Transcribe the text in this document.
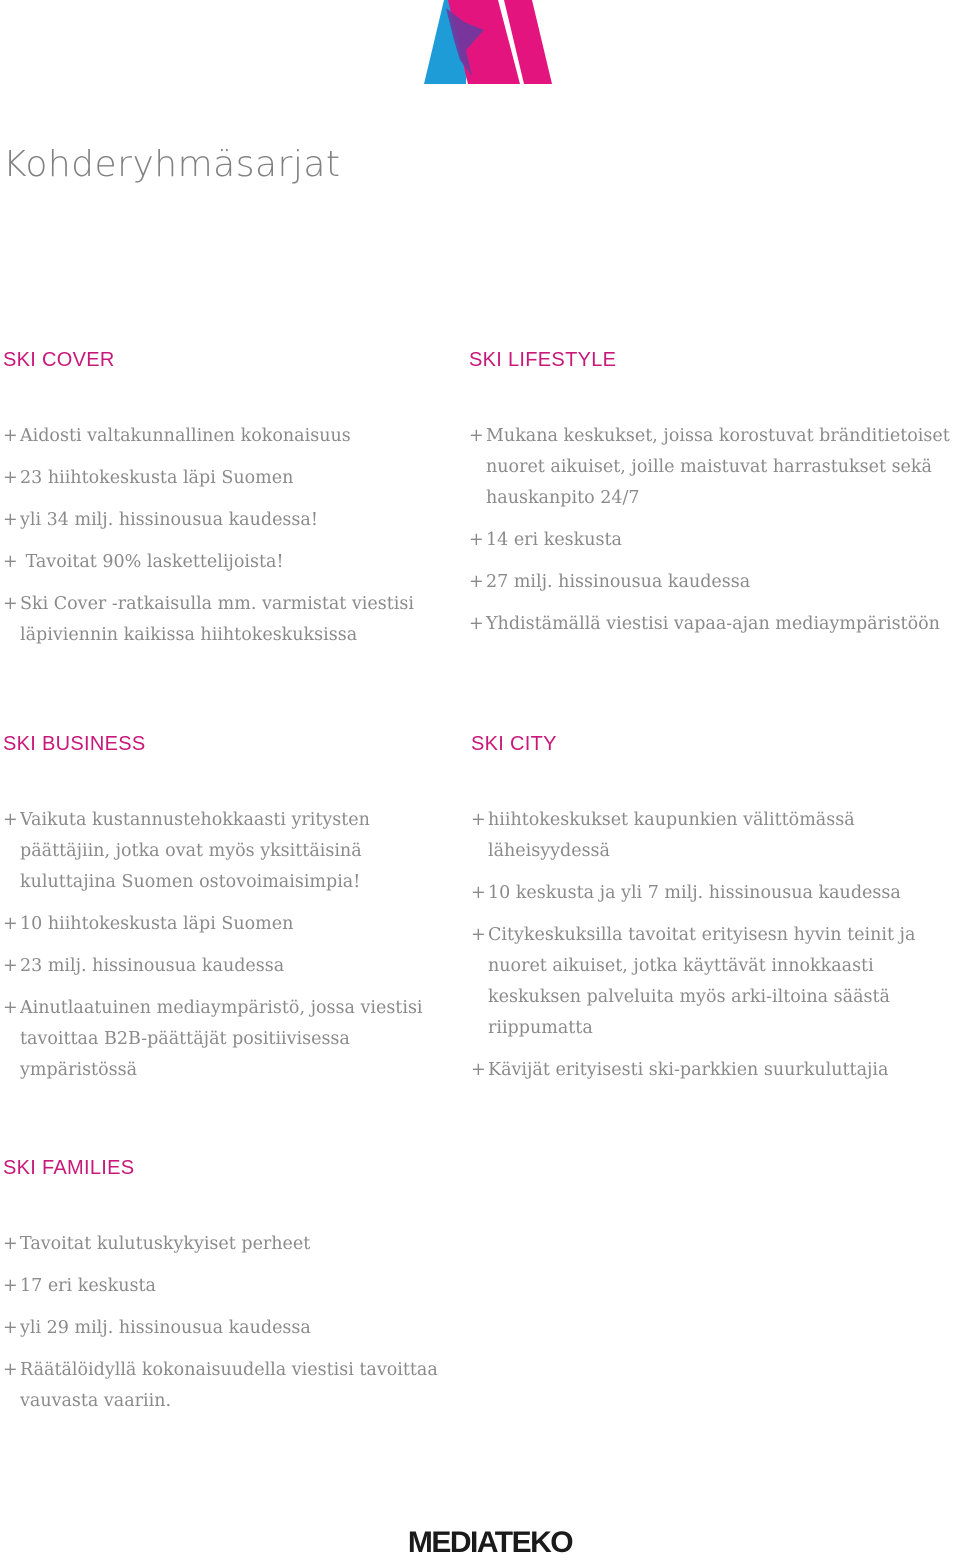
Kohderyhmäsarjat
SKI COVER
+ Aidosti valtakunnallinen kokonaisuus
+ 23 hiihtokeskusta läpi Suomen
+ yli 34 milj. hissinousua kaudessa!
+ Tavoitat 90% laskettelijoista!
+ Ski Cover -ratkaisulla mm. varmistat viestisi läpiviennin kaikissa hiihtokeskuksissa
SKI LIFESTYLE
+ Mukana keskukset, joissa korostuvat bränditietoiset nuoret aikuiset, joille maistuvat harrastukset sekä hauskanpito 24/7
+ 14 eri keskusta
+ 27 milj. hissinousua kaudessa
+ Yhdistämällä viestisi vapaa-ajan mediaympäristöön
SKI BUSINESS
+ Vaikuta kustannustehokkaasti yritysten päättäjiin, jotka ovat myös yksittäisinä kuluttajina Suomen ostovoimaisimpia!
+ 10 hiihtokeskusta läpi Suomen
+ 23 milj. hissinousua kaudessa
+ Ainutlaatuinen mediaympäristö, jossa viestisi tavoittaa B2B-päättäjät positiivisessa ympäristössä
SKI CITY
+ hiihtokeskukset kaupunkien välittömässä läheisyydessä
+ 10 keskusta ja yli 7 milj. hissinousua kaudessa
+ Citykeskuksilla tavoitat erityisesn hyvin teinit ja nuoret aikuiset, jotka käyttävät innokkaasti keskuksen palveluita myös arki-iltoina säästä riippumatta
+ Kävijät erityisesti ski-parkkien suurkuluttajia
SKI FAMILIES
+ Tavoitat kulutuskykyiset perheet
+ 17 eri keskusta
+ yli 29 milj. hissinousua kaudessa
+ Räätälöidyllä kokonaisuudella viestisi tavoittaa vauvasta vaariin.
MEDIATEKO
